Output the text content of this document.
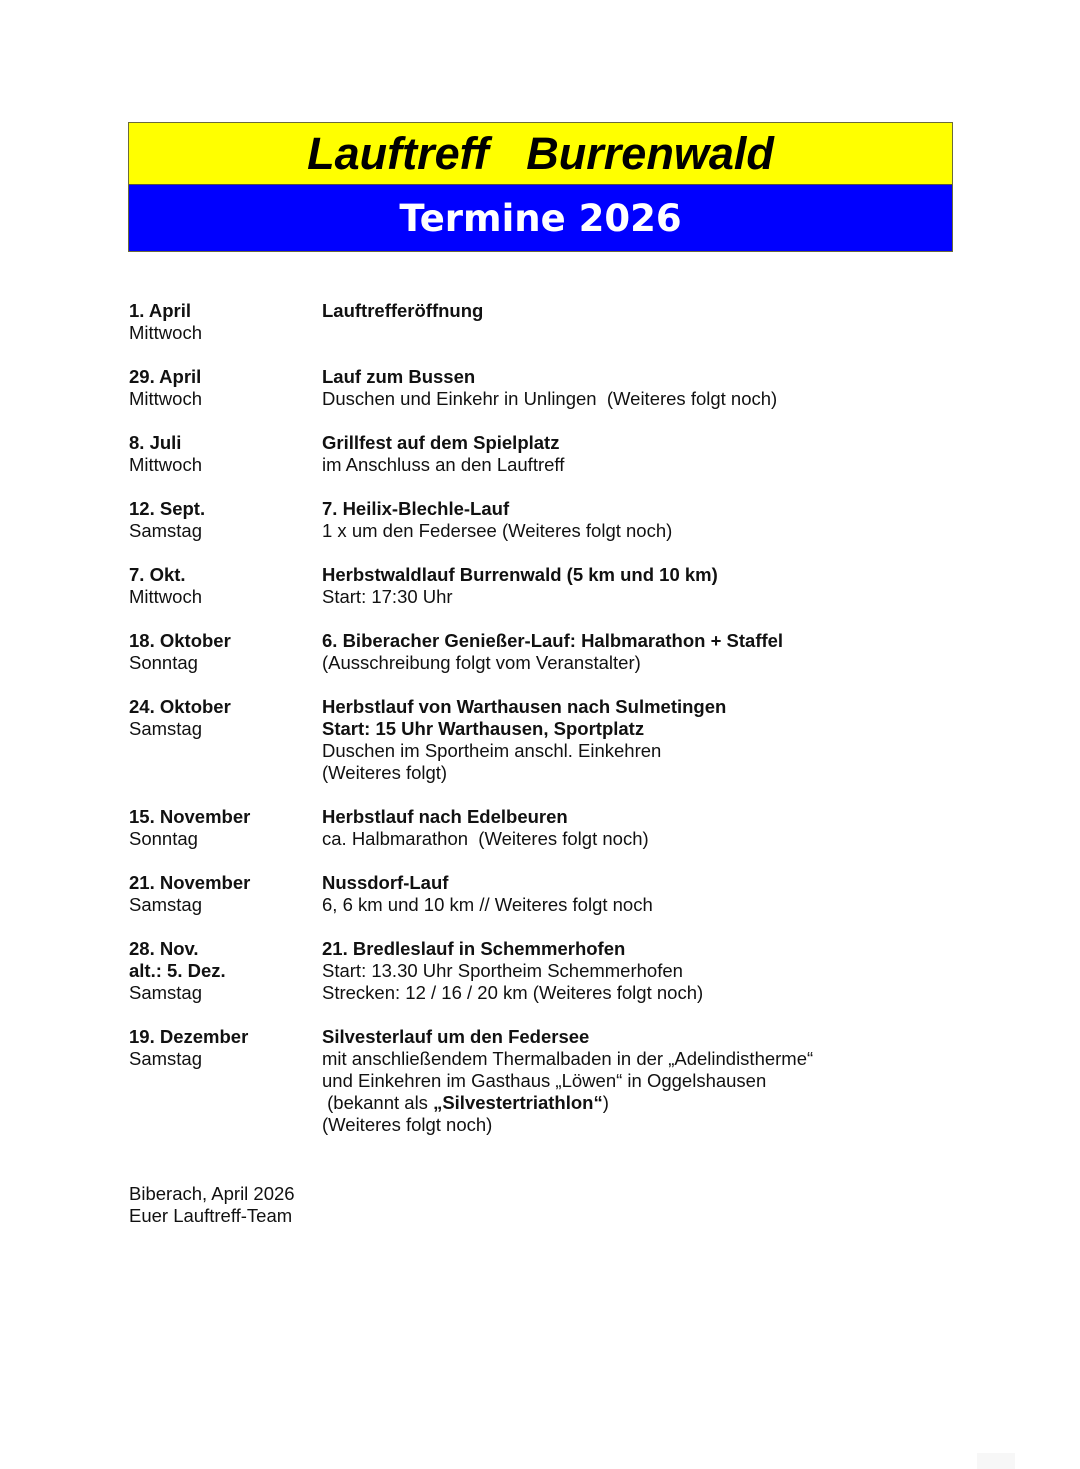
Lauftreff   Burrenwald
Termine 2026
1. April
Mittwoch
Lauftrefferöffnung
29. April
Mittwoch
Lauf zum Bussen
Duschen und Einkehr in Unlingen  (Weiteres folgt noch)
8. Juli
Mittwoch
Grillfest auf dem Spielplatz
im Anschluss an den Lauftreff
12. Sept.
Samstag
7. Heilix-Blechle-Lauf
1 x um den Federsee (Weiteres folgt noch)
7. Okt.
Mittwoch
Herbstwaldlauf Burrenwald (5 km und 10 km)
Start: 17:30 Uhr
18. Oktober
Sonntag
6. Biberacher Genießer-Lauf: Halbmarathon + Staffel
(Ausschreibung folgt vom Veranstalter)
24. Oktober
Samstag
Herbstlauf von Warthausen nach Sulmetingen
Start: 15 Uhr Warthausen, Sportplatz
Duschen im Sportheim anschl. Einkehren
(Weiteres folgt)
15. November
Sonntag
Herbstlauf nach Edelbeuren
ca. Halbmarathon  (Weiteres folgt noch)
21. November
Samstag
Nussdorf-Lauf
6, 6 km und 10 km // Weiteres folgt noch
28. Nov.
alt.: 5. Dez.
Samstag
21. Bredleslauf in Schemmerhofen
Start: 13.30 Uhr Sportheim Schemmerhofen
Strecken: 12 / 16 / 20 km (Weiteres folgt noch)
19. Dezember
Samstag
Silvesterlauf um den Federsee
mit anschließendem Thermalbaden in der „Adelindistherme“
und Einkehren im Gasthaus „Löwen“ in Oggelshausen
(bekannt als „Silvestertriathlon“)
(Weiteres folgt noch)
Biberach, April 2026
Euer Lauftreff-Team
